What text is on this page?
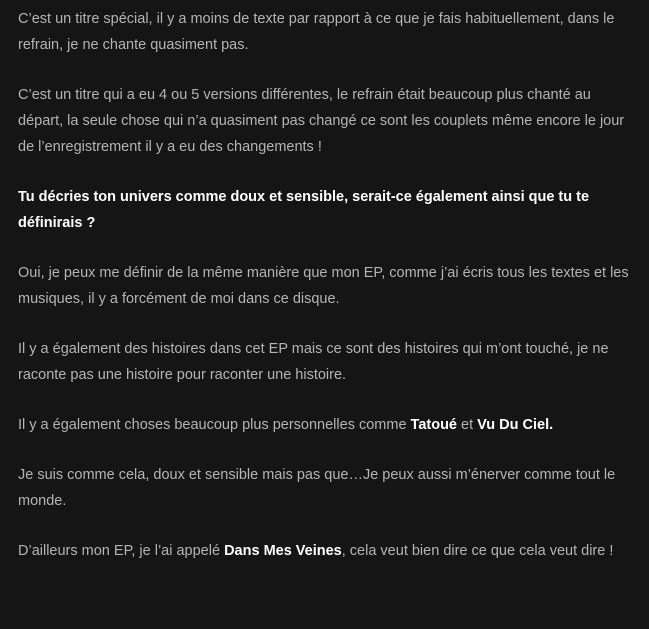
C’est un titre spécial, il y a moins de texte par rapport à ce que je fais habituellement, dans le refrain, je ne chante quasiment pas.

C’est un titre qui a eu 4 ou 5 versions différentes, le refrain était beaucoup plus chanté au départ, la seule chose qui n’a quasiment pas changé ce sont les couplets même encore le jour de l’enregistrement il y a eu des changements !

Tu décries ton univers comme doux et sensible, serait-ce également ainsi que tu te définirais ?

Oui, je peux me définir de la même manière que mon EP, comme j’ai écris tous les textes et les musiques, il y a forcément de moi dans ce disque.

Il y a également des histoires dans cet EP mais ce sont des histoires qui m’ont touché, je ne raconte pas une histoire pour raconter une histoire.

Il y a également choses beaucoup plus personnelles comme Tatoué et Vu Du Ciel.

Je suis comme cela, doux et sensible mais pas que…Je peux aussi m’énerver comme tout le monde.

D’ailleurs mon EP, je l’ai appelé Dans Mes Veines, cela veut bien dire ce que cela veut dire !
